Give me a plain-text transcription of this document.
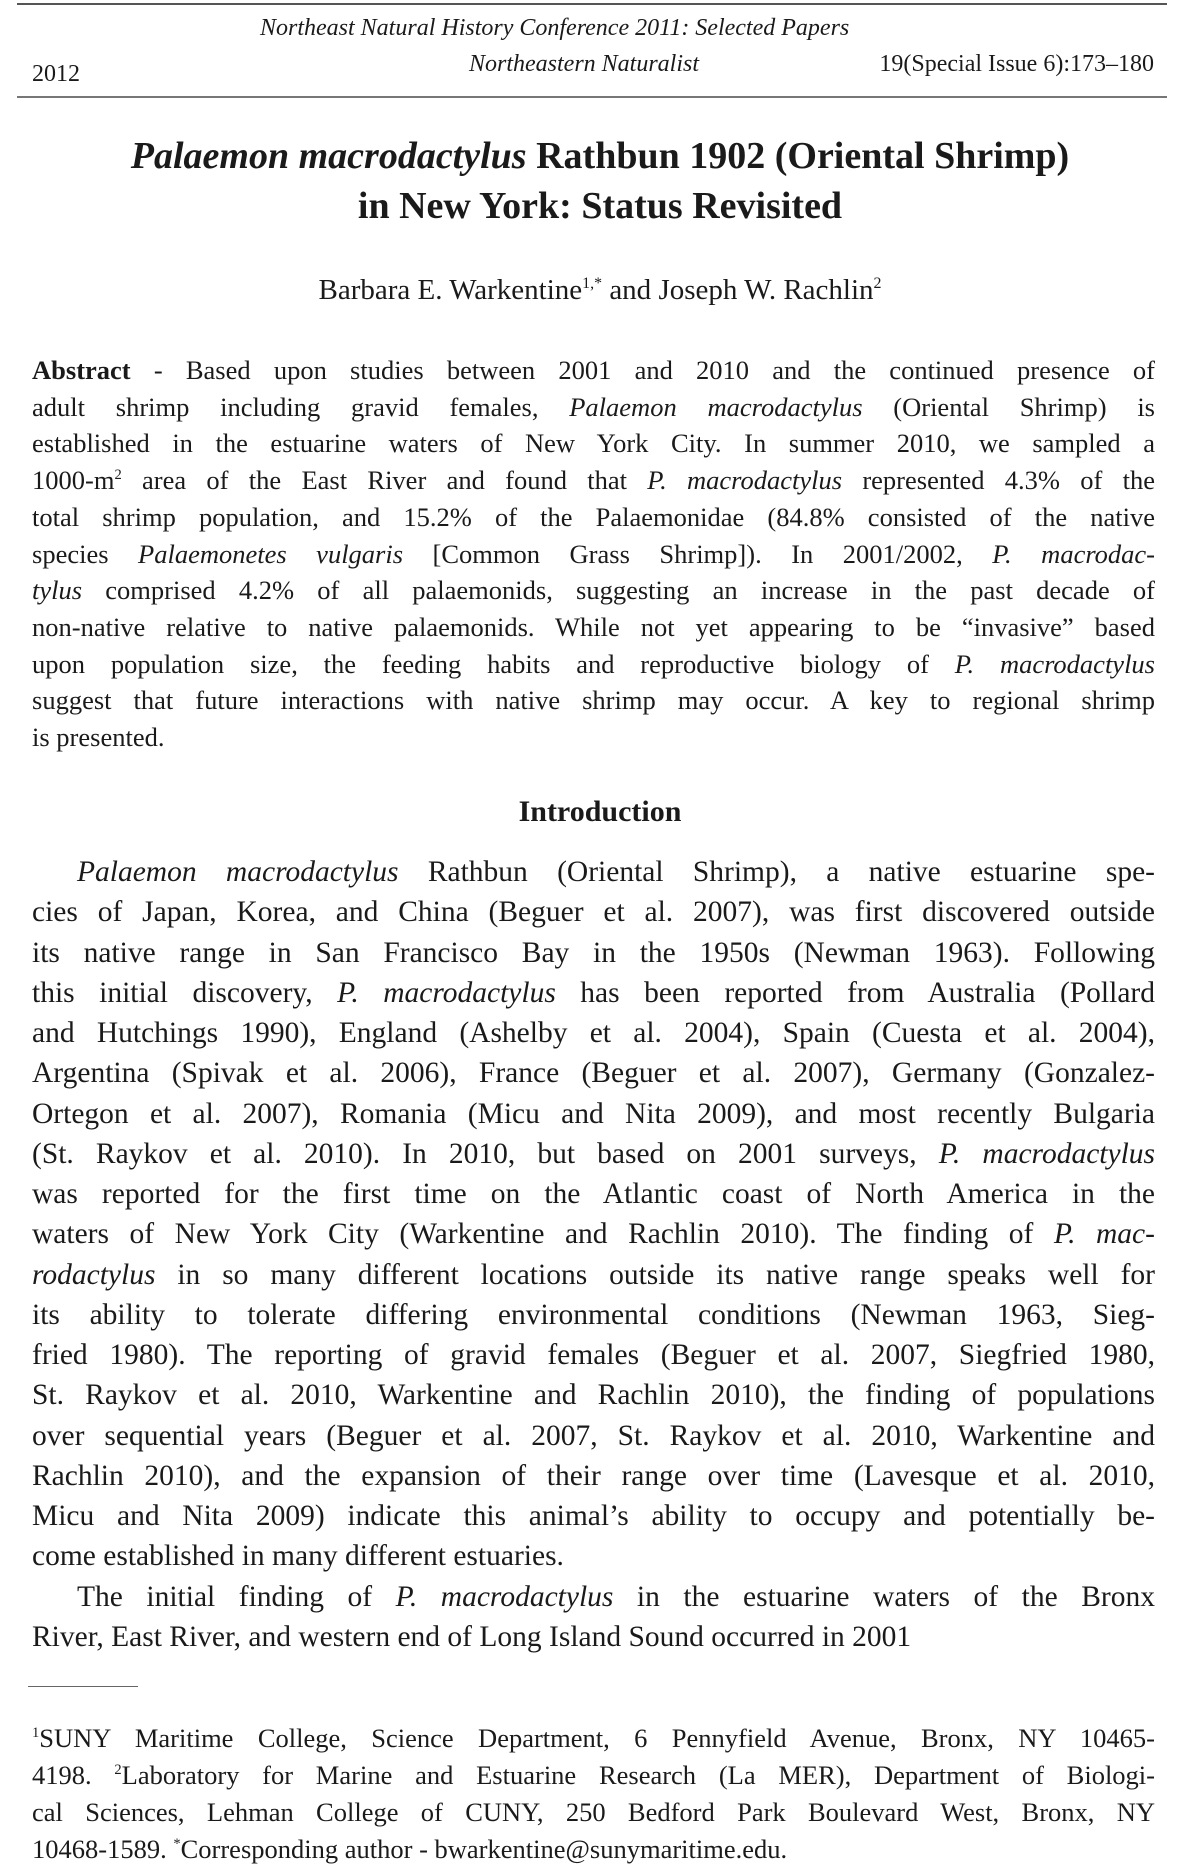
Northeast Natural History Conference 2011: Selected Papers
2012	Northeastern Naturalist	19(Special Issue 6):173–180
Palaemon macrodactylus Rathbun 1902 (Oriental Shrimp)
in New York: Status Revisited
Barbara E. Warkentine$^{1,*}$ and Joseph W. Rachlin$^2$
Abstract - Based upon studies between 2001 and 2010 and the continued presence of
adult shrimp including gravid females, Palaemon macrodactylus (Oriental Shrimp) is
established in the estuarine waters of New York City. In summer 2010, we sampled a
$1000-m^2$ area of the East River and found that P. macrodactylus represented 4.3% of the
total shrimp population, and 15.2% of the Palaemonidae (84.8% consisted of the native
species Palaemonetes vulgaris [Common Grass Shrimp]). In 2001/2002, P. macrodac-
tylus comprised 4.2% of all palaemonids, suggesting an increase in the past decade of
non-native relative to native palaemonids. While not yet appearing to be “invasive” based
upon population size, the feeding habits and reproductive biology of P. macrodactylus
suggest that future interactions with native shrimp may occur. A key to regional shrimp
is presented.
Introduction
Palaemon macrodactylus Rathbun (Oriental Shrimp), a native estuarine spe-
cies of Japan, Korea, and China (Beguer et al. 2007), was first discovered outside
its native range in San Francisco Bay in the 1950s (Newman 1963). Following
this initial discovery, P. macrodactylus has been reported from Australia (Pollard
and Hutchings 1990), England (Ashelby et al. 2004), Spain (Cuesta et al. 2004),
Argentina (Spivak et al. 2006), France (Beguer et al. 2007), Germany (Gonzalez-
Ortegon et al. 2007), Romania (Micu and Nita 2009), and most recently Bulgaria
(St. Raykov et al. 2010). In 2010, but based on 2001 surveys, P. macrodactylus
was reported for the first time on the Atlantic coast of North America in the
waters of New York City (Warkentine and Rachlin 2010). The finding of P. mac-
rodactylus in so many different locations outside its native range speaks well for
its ability to tolerate differing environmental conditions (Newman 1963, Sieg-
fried 1980). The reporting of gravid females (Beguer et al. 2007, Siegfried 1980,
St. Raykov et al. 2010, Warkentine and Rachlin 2010), the finding of populations
over sequential years (Beguer et al. 2007, St. Raykov et al. 2010, Warkentine and
Rachlin 2010), and the expansion of their range over time (Lavesque et al. 2010,
Micu and Nita 2009) indicate this animal’s ability to occupy and potentially be-
come established in many different estuaries.
The initial finding of P. macrodactylus in the estuarine waters of the Bronx
River, East River, and western end of Long Island Sound occurred in 2001
$^1$SUNY Maritime College, Science Department, 6 Pennyfield Avenue, Bronx, NY 10465-
4198. $^2$Laboratory for Marine and Estuarine Research (La MER), Department of Biologi-
cal Sciences, Lehman College of CUNY, 250 Bedford Park Boulevard West, Bronx, NY
10468-1589. *Corresponding author - bwarkentine@sunymaritime.edu.
